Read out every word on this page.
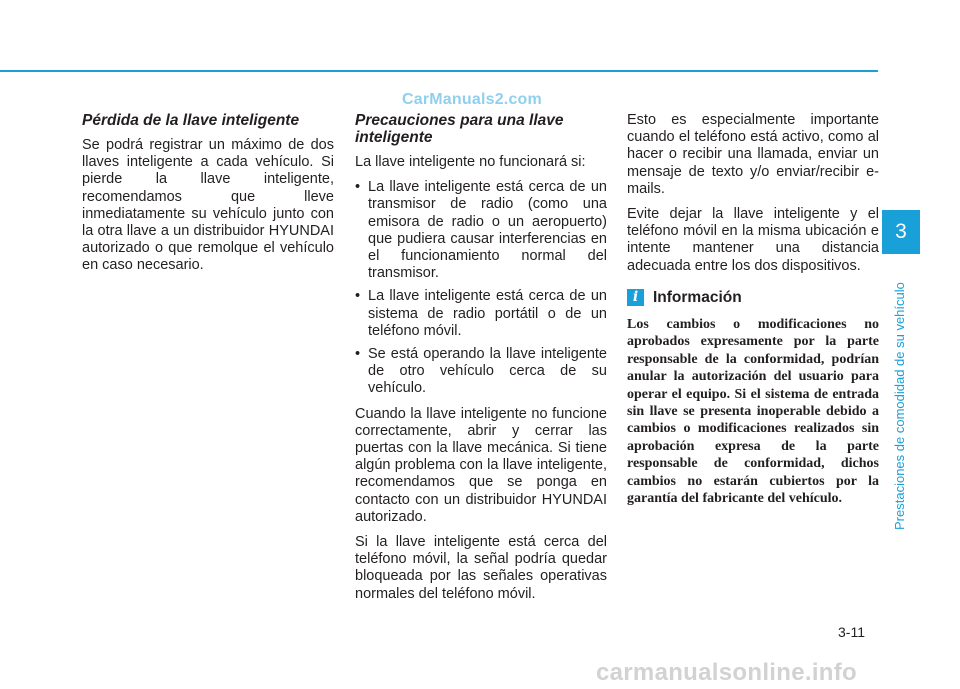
CarManuals2.com
Pérdida de la llave inteligente

Se podrá registrar un máximo de dos llaves inteligente a cada vehículo. Si pierde la llave inteligente, recomendamos que lleve inmediatamente su vehículo junto con la otra llave a un distribuidor HYUNDAI autorizado o que remolque el vehículo en caso necesario.

Precauciones para una llave inteligente

La llave inteligente no funcionará si:

• La llave inteligente está cerca de un transmisor de radio (como una emisora de radio o un aeropuerto) que pudiera causar interferencias en el funcionamiento normal del transmisor.
• La llave inteligente está cerca de un sistema de radio portátil o de un teléfono móvil.
• Se está operando la llave inteligente de otro vehículo cerca de su vehículo.

Cuando la llave inteligente no funcione correctamente, abrir y cerrar las puertas con la llave mecánica. Si tiene algún problema con la llave inteligente, recomendamos que se ponga en contacto con un distribuidor HYUNDAI autorizado.

Si la llave inteligente está cerca del teléfono móvil, la señal podría quedar bloqueada por las señales operativas normales del teléfono móvil.

Esto es especialmente importante cuando el teléfono está activo, como al hacer o recibir una llamada, enviar un mensaje de texto y/o enviar/recibir e-mails.

Evite dejar la llave inteligente y el teléfono móvil en la misma ubicación e intente mantener una distancia adecuada entre los dos dispositivos.

i Información

Los cambios o modificaciones no aprobados expresamente por la parte responsable de la conformidad, podrían anular la autorización del usuario para operar el equipo. Si el sistema de entrada sin llave se presenta inoperable debido a cambios o modificaciones realizados sin aprobación expresa de la parte responsable de conformidad, dichos cambios no estarán cubiertos por la garantía del fabricante del vehículo.

3
Prestaciones de comodidad de su vehículo
3-11
carmanualsonline.info
